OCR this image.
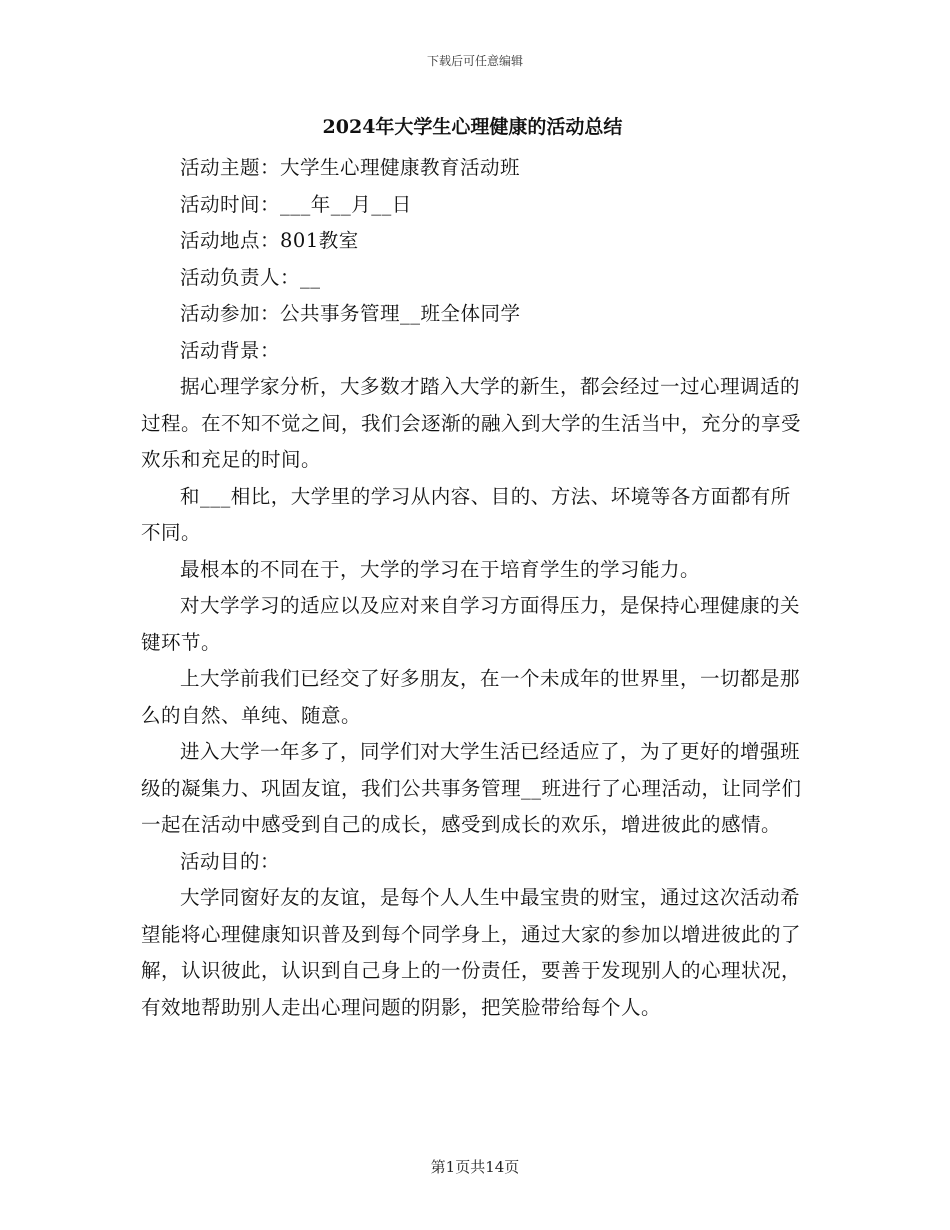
下载后可任意编辑
2024年大学生心理健康的活动总结

活动主题：大学生心理健康教育活动班

活动时间：___年__月__日

活动地点：801教室

活动负责人：__

活动参加：公共事务管理__班全体同学

活动背景：

据心理学家分析，大多数才踏入大学的新生，都会经过一过心理调适的过程。在不知不觉之间，我们会逐渐的融入到大学的生活当中，充分的享受欢乐和充足的时间。

和___相比，大学里的学习从内容、目的、方法、坏境等各方面都有所不同。

最根本的不同在于，大学的学习在于培育学生的学习能力。

对大学学习的适应以及应对来自学习方面得压力，是保持心理健康的关键环节。

上大学前我们已经交了好多朋友，在一个未成年的世界里，一切都是那么的自然、单纯、随意。

进入大学一年多了，同学们对大学生活已经适应了，为了更好的增强班级的凝集力、巩固友谊，我们公共事务管理__班进行了心理活动，让同学们一起在活动中感受到自己的成长，感受到成长的欢乐，增进彼此的感情。

活动目的：

大学同窗好友的友谊，是每个人人生中最宝贵的财宝，通过这次活动希望能将心理健康知识普及到每个同学身上，通过大家的参加以增进彼此的了解，认识彼此，认识到自己身上的一份责任，要善于发现别人的心理状况，有效地帮助别人走出心理问题的阴影，把笑脸带给每个人。

第1页共14页
